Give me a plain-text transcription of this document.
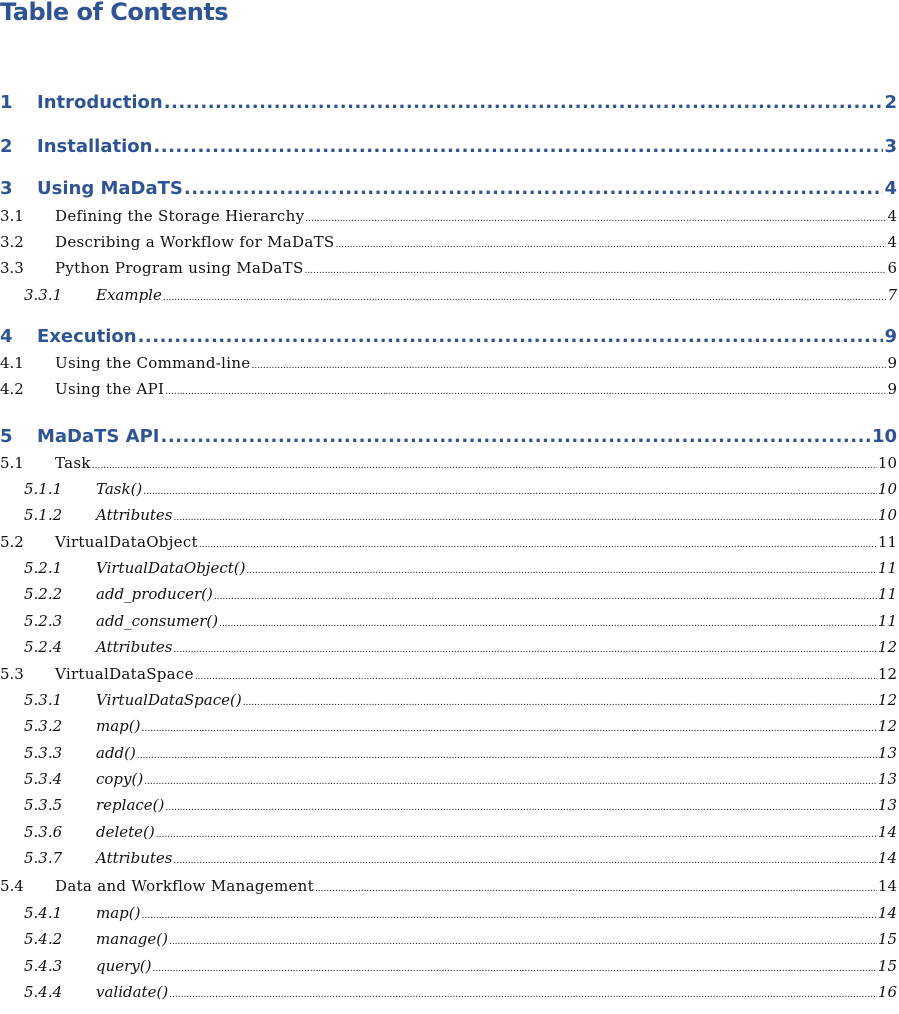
Table of Contents
1	Introduction .....	2
2	Installation .....	3
3	Using MaDaTS .....	4
3.1	Defining the Storage Hierarchy .....	4
3.2	Describing a Workflow for MaDaTS .....	4
3.3	Python Program using MaDaTS .....	6
3.3.1	Example .....	7
4	Execution .....	9
4.1	Using the Command-line .....	9
4.2	Using the API .....	9
5	MaDaTS API .....	10
5.1	Task .....	10
5.1.1	Task() .....	10
5.1.2	Attributes .....	10
5.2	VirtualDataObject .....	11
5.2.1	VirtualDataObject() .....	11
5.2.2	add_producer() .....	11
5.2.3	add_consumer() .....	11
5.2.4	Attributes .....	12
5.3	VirtualDataSpace .....	12
5.3.1	VirtualDataSpace() .....	12
5.3.2	map() .....	12
5.3.3	add() .....	13
5.3.4	copy() .....	13
5.3.5	replace() .....	13
5.3.6	delete() .....	14
5.3.7	Attributes .....	14
5.4	Data and Workflow Management .....	14
5.4.1	map() .....	14
5.4.2	manage() .....	15
5.4.3	query() .....	15
5.4.4	validate() .....	16
